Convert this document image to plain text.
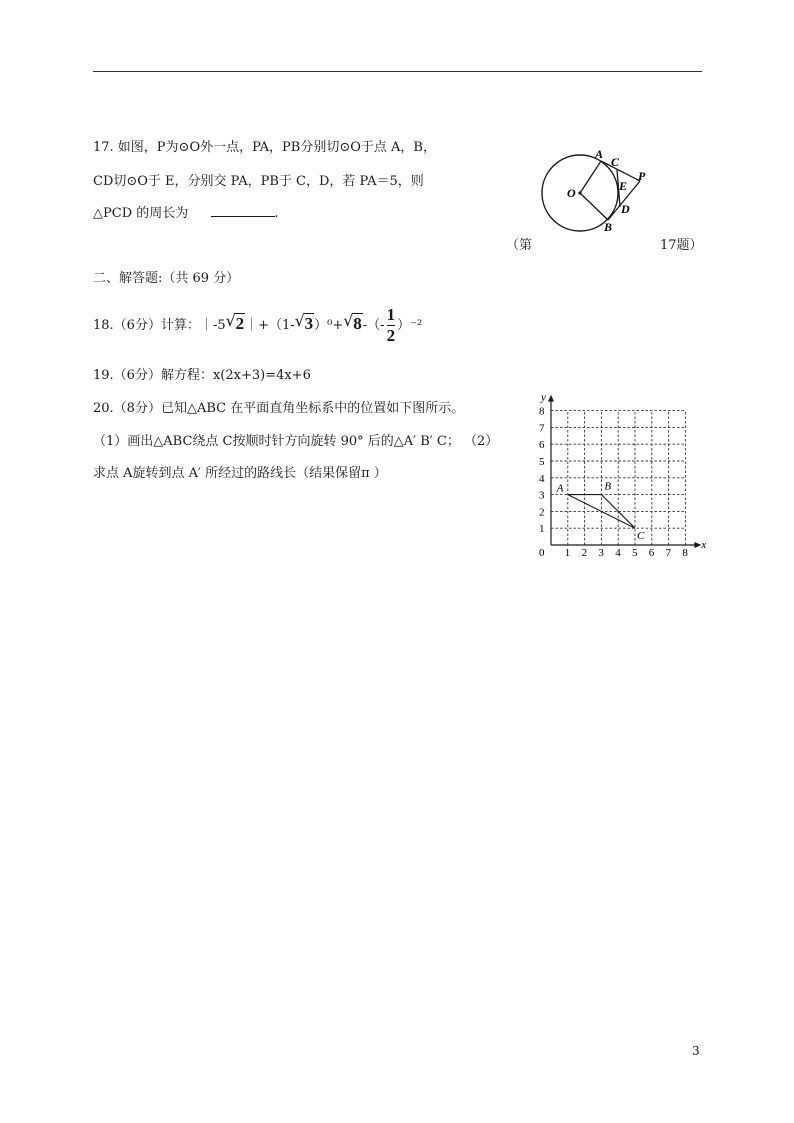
17. 如图，P为⊙O外一点，PA，PB分别切⊙O于点 A，B，
CD切⊙O于 E，分别交 PA，PB于 C，D，若 PA＝5，则
△PCD 的周长为	.
O
A
C
E
P
D
B
（第	17题）
二、解答题:（共 69 分）
18.（6分）计算：｜-5 √ 2｜+（1- √ 3）⁰+ √ $8-(- \frac{1}{2} )^{-2}$
19.（6分）解方程：x(2x+3)=4x+6
20.（8分）已知△ABC 在平面直角坐标系中的位置如下图所示。
（1）画出△ABC绕点 C按顺时针方向旋转 90° 后的△A′ B′ C； （2）
求点 A旋转到点 A′ 所经过的路线长（结果保留π ）
1 2 3 4 5 6 7 8
1
2
3
4
5
6
7
8
0
x
y
A	B
C
3
